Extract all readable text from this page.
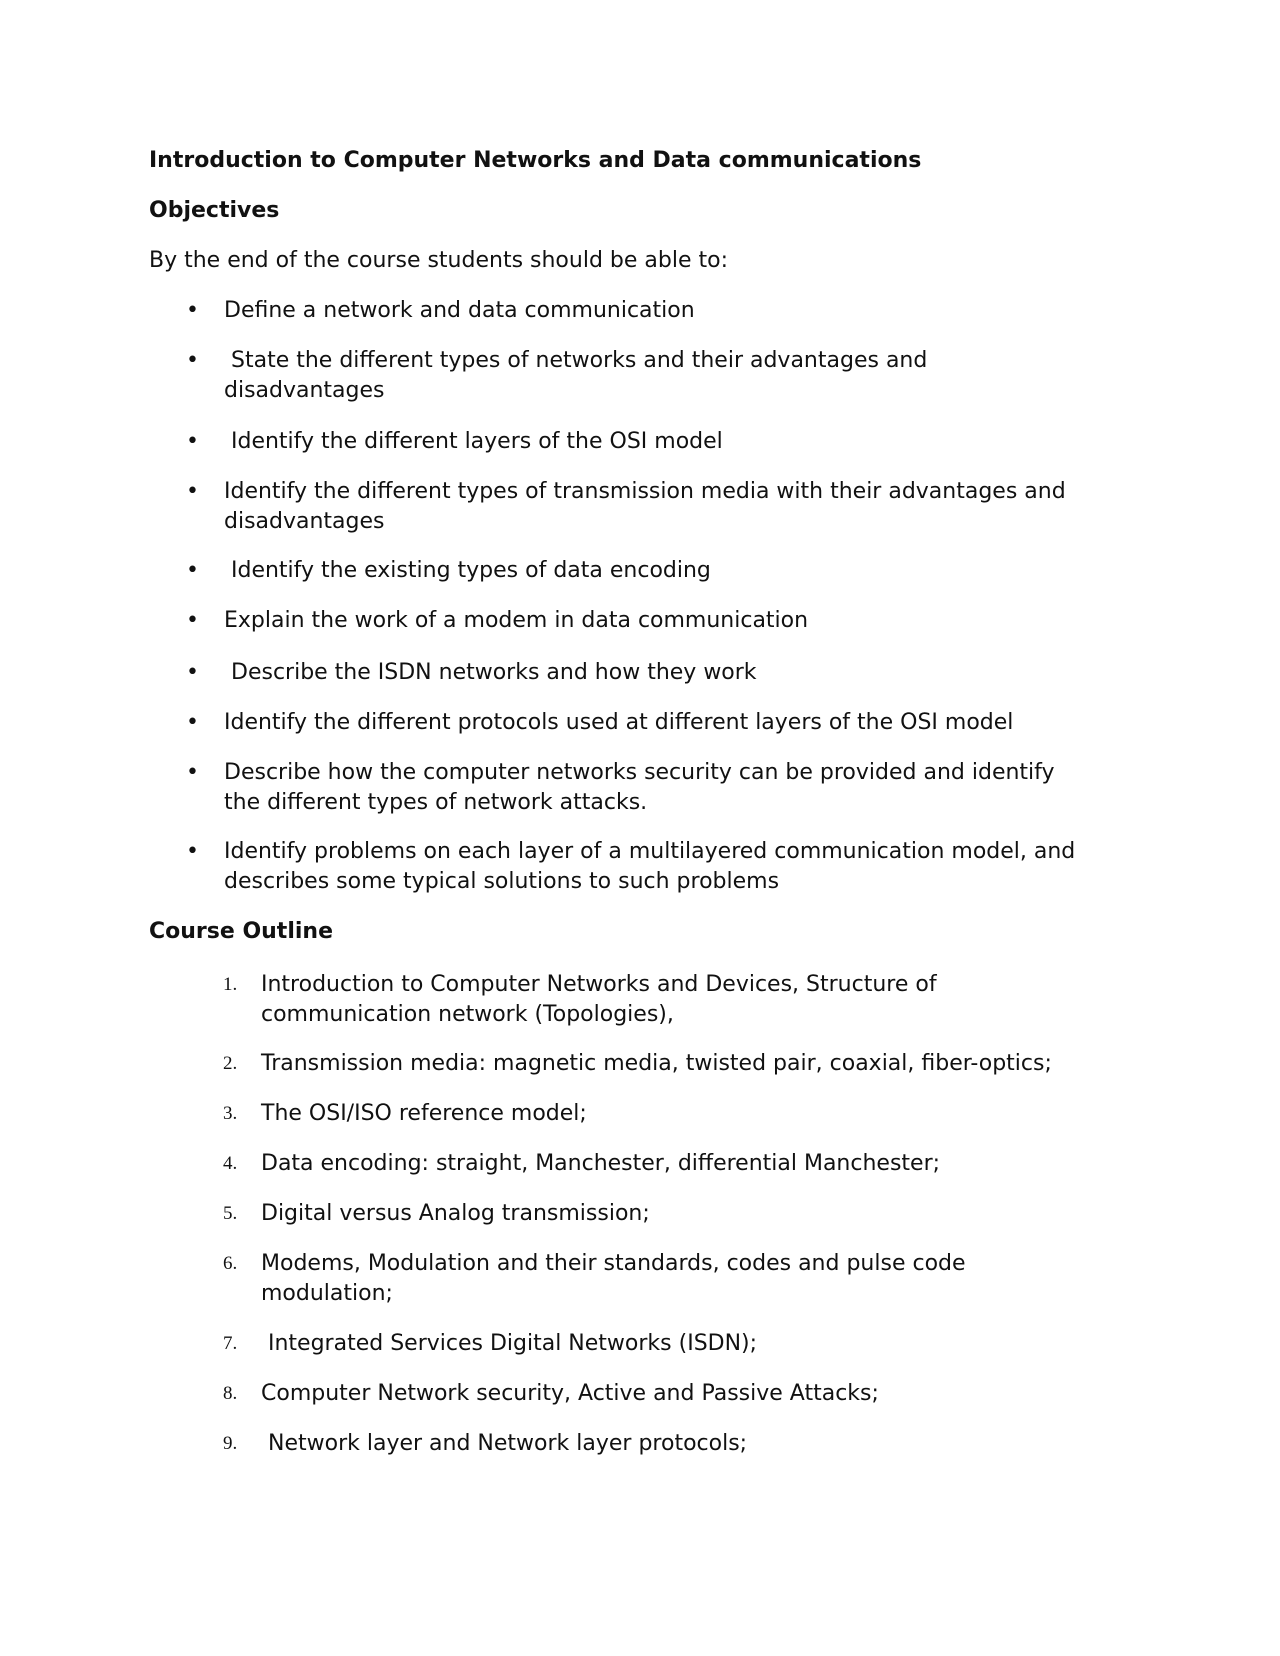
Introduction to Computer Networks and Data communications
Objectives
By the end of the course students should be able to:
• Define a network and data communication
•	State the different types of networks and their advantages and
disadvantages
• Identify the different layers of the OSI model
• Identify the different types of transmission media with their advantages and
disadvantages
• Identify the existing types of data encoding
• Explain the work of a modem in data communication
• Describe the ISDN networks and how they work
• Identify the different protocols used at different layers of the OSI model
• Describe how the computer networks security can be provided and identify
the different types of network attacks.
• Identify problems on each layer of a multilayered communication model, and
describes some typical solutions to such problems
Course Outline
1. Introduction to Computer Networks and Devices, Structure of
communication network (Topologies),
2. Transmission media: magnetic media, twisted pair, coaxial, fiber-optics;
3. The OSI/ISO reference model;
4. Data encoding: straight, Manchester, differential Manchester;
5. Digital versus Analog transmission;
6. Modems, Modulation and their standards, codes and pulse code
modulation;
7. Integrated Services Digital Networks (ISDN);
8. Computer Network security, Active and Passive Attacks;
9. Network layer and Network layer protocols;
